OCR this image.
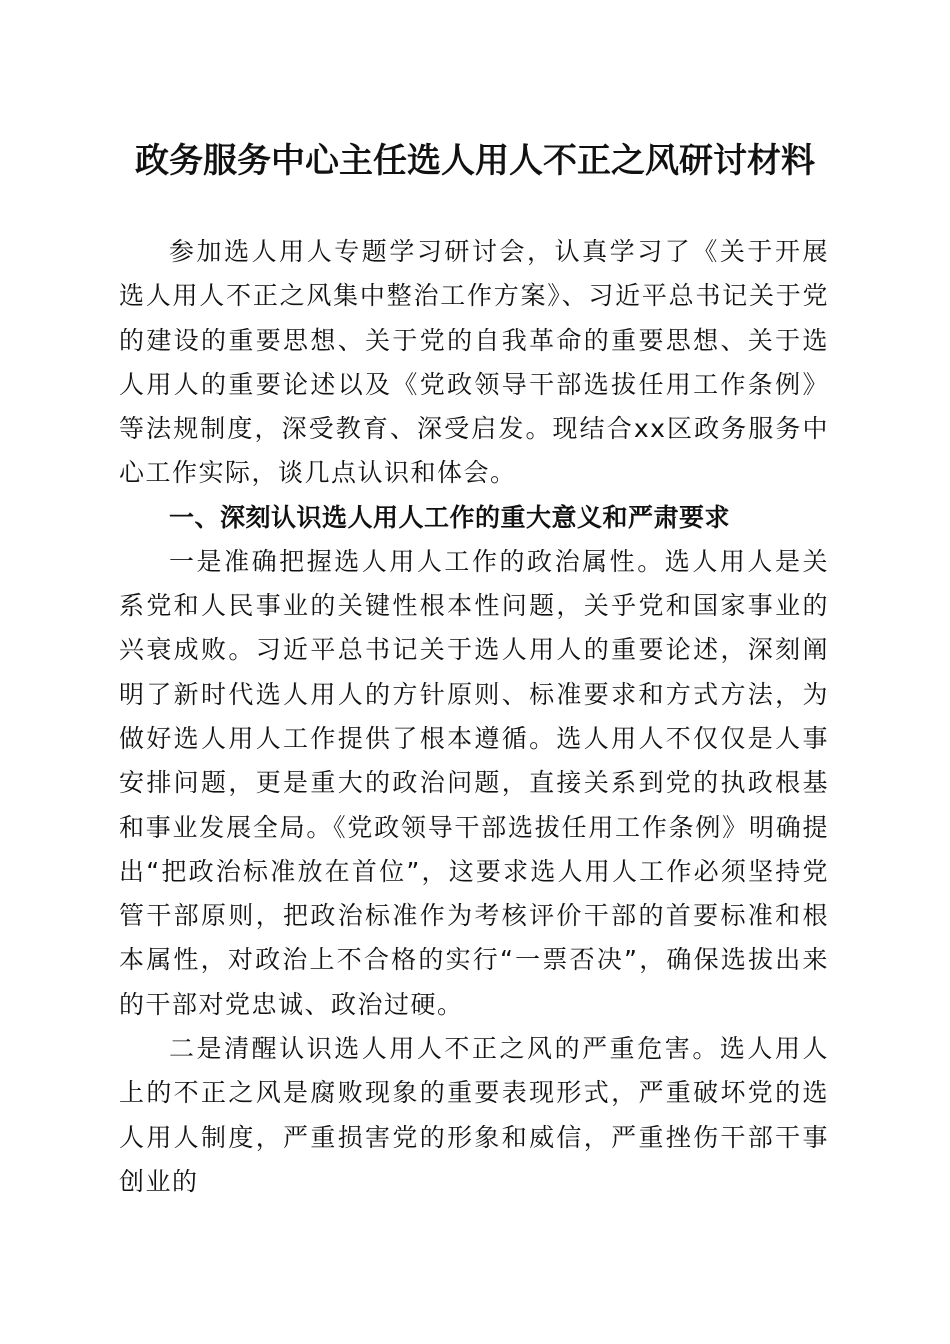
政务服务中心主任选人用人不正之风研讨材料

参加选人用人专题学习研讨会，认真学习了《关于开展选人用人不正之风集中整治工作方案》、习近平总书记关于党的建设的重要思想、关于党的自我革命的重要思想、关于选人用人的重要论述以及《党政领导干部选拔任用工作条例》等法规制度，深受教育、深受启发。现结合xx区政务服务中心工作实际，谈几点认识和体会。

一、深刻认识选人用人工作的重大意义和严肃要求

一是准确把握选人用人工作的政治属性。选人用人是关系党和人民事业的关键性根本性问题，关乎党和国家事业的兴衰成败。习近平总书记关于选人用人的重要论述，深刻阐明了新时代选人用人的方针原则、标准要求和方式方法，为做好选人用人工作提供了根本遵循。选人用人不仅仅是人事安排问题，更是重大的政治问题，直接关系到党的执政根基和事业发展全局。《党政领导干部选拔任用工作条例》明确提出“把政治标准放在首位”，这要求选人用人工作必须坚持党管干部原则，把政治标准作为考核评价干部的首要标准和根本属性，对政治上不合格的实行“一票否决”，确保选拔出来的干部对党忠诚、政治过硬。

二是清醒认识选人用人不正之风的严重危害。选人用人上的不正之风是腐败现象的重要表现形式，严重破坏党的选人用人制度，严重损害党的形象和威信，严重挫伤干部干事创业的
